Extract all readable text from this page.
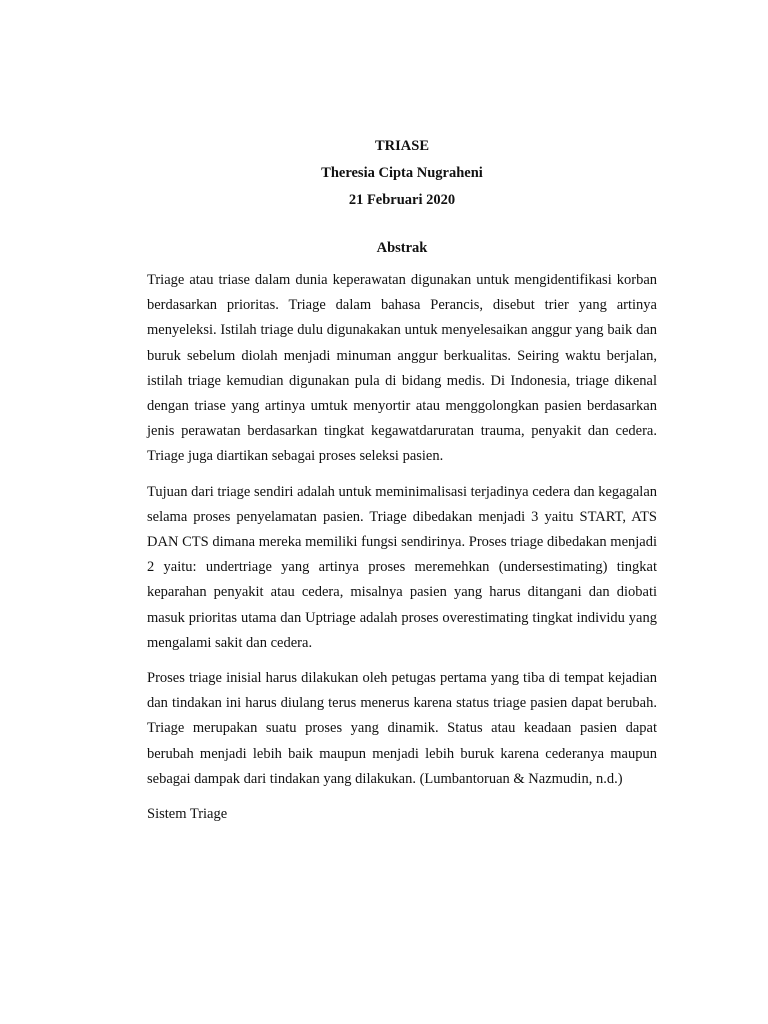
TRIASE

Theresia Cipta Nugraheni

21 Februari 2020

Abstrak

Triage atau triase dalam dunia keperawatan digunakan untuk mengidentifikasi korban berdasarkan prioritas. Triage dalam bahasa Perancis, disebut trier yang artinya menyeleksi. Istilah triage dulu digunakakan untuk menyelesaikan anggur yang baik dan buruk sebelum diolah menjadi minuman anggur berkualitas. Seiring waktu berjalan, istilah triage kemudian digunakan pula di bidang medis. Di Indonesia, triage dikenal dengan triase yang artinya umtuk menyortir atau menggolongkan pasien berdasarkan jenis perawatan berdasarkan tingkat kegawatdaruratan trauma, penyakit dan cedera. Triage juga diartikan sebagai proses seleksi pasien.

Tujuan dari triage sendiri adalah untuk meminimalisasi terjadinya cedera dan kegagalan selama proses penyelamatan pasien. Triage dibedakan menjadi 3 yaitu START, ATS DAN CTS dimana mereka memiliki fungsi sendirinya. Proses triage dibedakan menjadi 2 yaitu: undertriage yang artinya proses meremehkan (undersestimating) tingkat keparahan penyakit atau cedera, misalnya pasien yang harus ditangani dan diobati masuk prioritas utama dan Uptriage adalah proses overestimating tingkat individu yang mengalami sakit dan cedera.

Proses triage inisial harus dilakukan oleh petugas pertama yang tiba di tempat kejadian dan tindakan ini harus diulang terus menerus karena status triage pasien dapat berubah. Triage merupakan suatu proses yang dinamik. Status atau keadaan pasien dapat berubah menjadi lebih baik maupun menjadi lebih buruk karena cederanya maupun sebagai dampak dari tindakan yang dilakukan. (Lumbantoruan & Nazmudin, n.d.)

Sistem Triage
